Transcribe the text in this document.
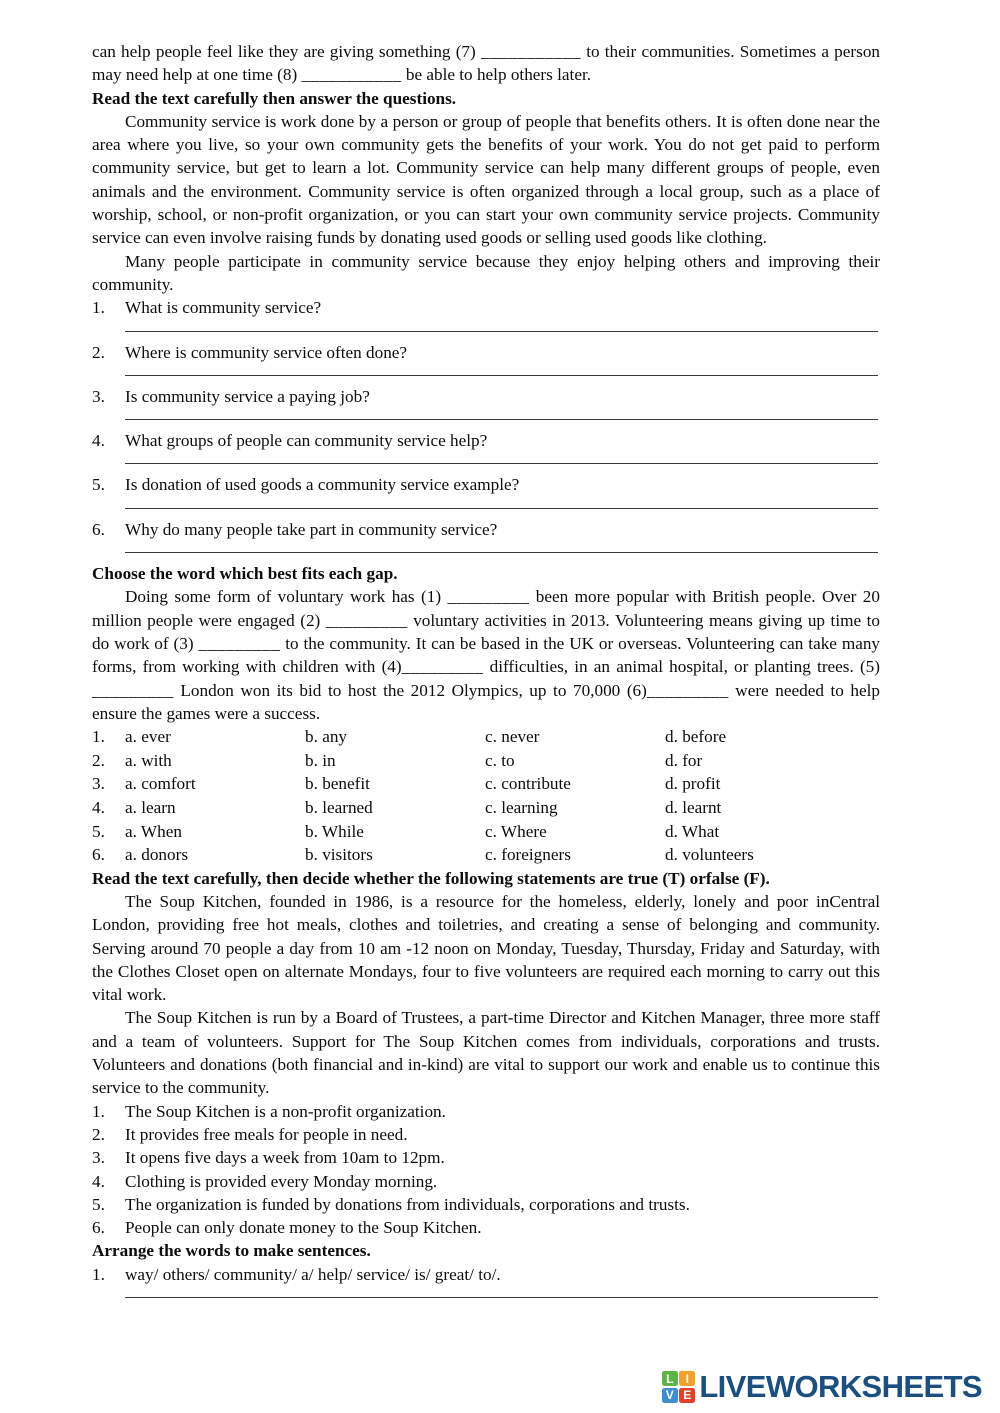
can help people feel like they are giving something (7) ___________ to their communities. Sometimes a person may need help at one time (8) ___________ be able to help others later.

Read the text carefully then answer the questions.

Community service is work done by a person or group of people that benefits others. It is often done near the area where you live, so your own community gets the benefits of your work. You do not get paid to perform community service, but get to learn a lot. Community service can help many different groups of people, even animals and the environment. Community service is often organized through a local group, such as a place of worship, school, or non-profit organization, or you can start your own community service projects. Community service can even involve raising funds by donating used goods or selling used goods like clothing.

Many people participate in community service because they enjoy helping others and improving their community.

1.	What is community service?
2.	Where is community service often done?
3.	Is community service a paying job?
4.	What groups of people can community service help?
5.	Is donation of used goods a community service example?
6.	Why do many people take part in community service?

Choose the word which best fits each gap.

Doing some form of voluntary work has (1) _________ been more popular with British people. Over 20 million people were engaged (2) _________ voluntary activities in 2013. Volunteering means giving up time to do work of (3) _________ to the community. It can be based in the UK or overseas. Volunteering can take many forms, from working with children with (4)_________ difficulties, in an animal hospital, or planting trees. (5) _________ London won its bid to host the 2012 Olympics, up to 70,000 (6)_________ were needed to help ensure the games were a success.

1.	a. ever	b. any	c. never	d. before
2.	a. with	b. in	c. to	d. for
3.	a. comfort	b. benefit	c. contribute	d. profit
4.	a. learn	b. learned	c. learning	d. learnt
5.	a. When	b. While	c. Where	d. What
6.	a. donors	b. visitors	c. foreigners	d. volunteers

Read the text carefully, then decide whether the following statements are true (T) orfalse (F).

The Soup Kitchen, founded in 1986, is a resource for the homeless, elderly, lonely and poor inCentral London, providing free hot meals, clothes and toiletries, and creating a sense of belonging and community. Serving around 70 people a day from 10 am -12 noon on Monday, Tuesday, Thursday, Friday and Saturday, with the Clothes Closet open on alternate Mondays, four to five volunteers are required each morning to carry out this vital work.

The Soup Kitchen is run by a Board of Trustees, a part-time Director and Kitchen Manager, three more staff and a team of volunteers. Support for The Soup Kitchen comes from individuals, corporations and trusts. Volunteers and donations (both financial and in-kind) are vital to support our work and enable us to continue this service to the community.

1.	The Soup Kitchen is a non-profit organization.
2.	It provides free meals for people in need.
3.	It opens five days a week from 10am to 12pm.
4.	Clothing is provided every Monday morning.
5.	The organization is funded by donations from individuals, corporations and trusts.
6.	People can only donate money to the Soup Kitchen.

Arrange the words to make sentences.

1.	way/ others/ community/ a/ help/ service/ is/ great/ to/.
L	I
V E LIVEWORKSHEETS
